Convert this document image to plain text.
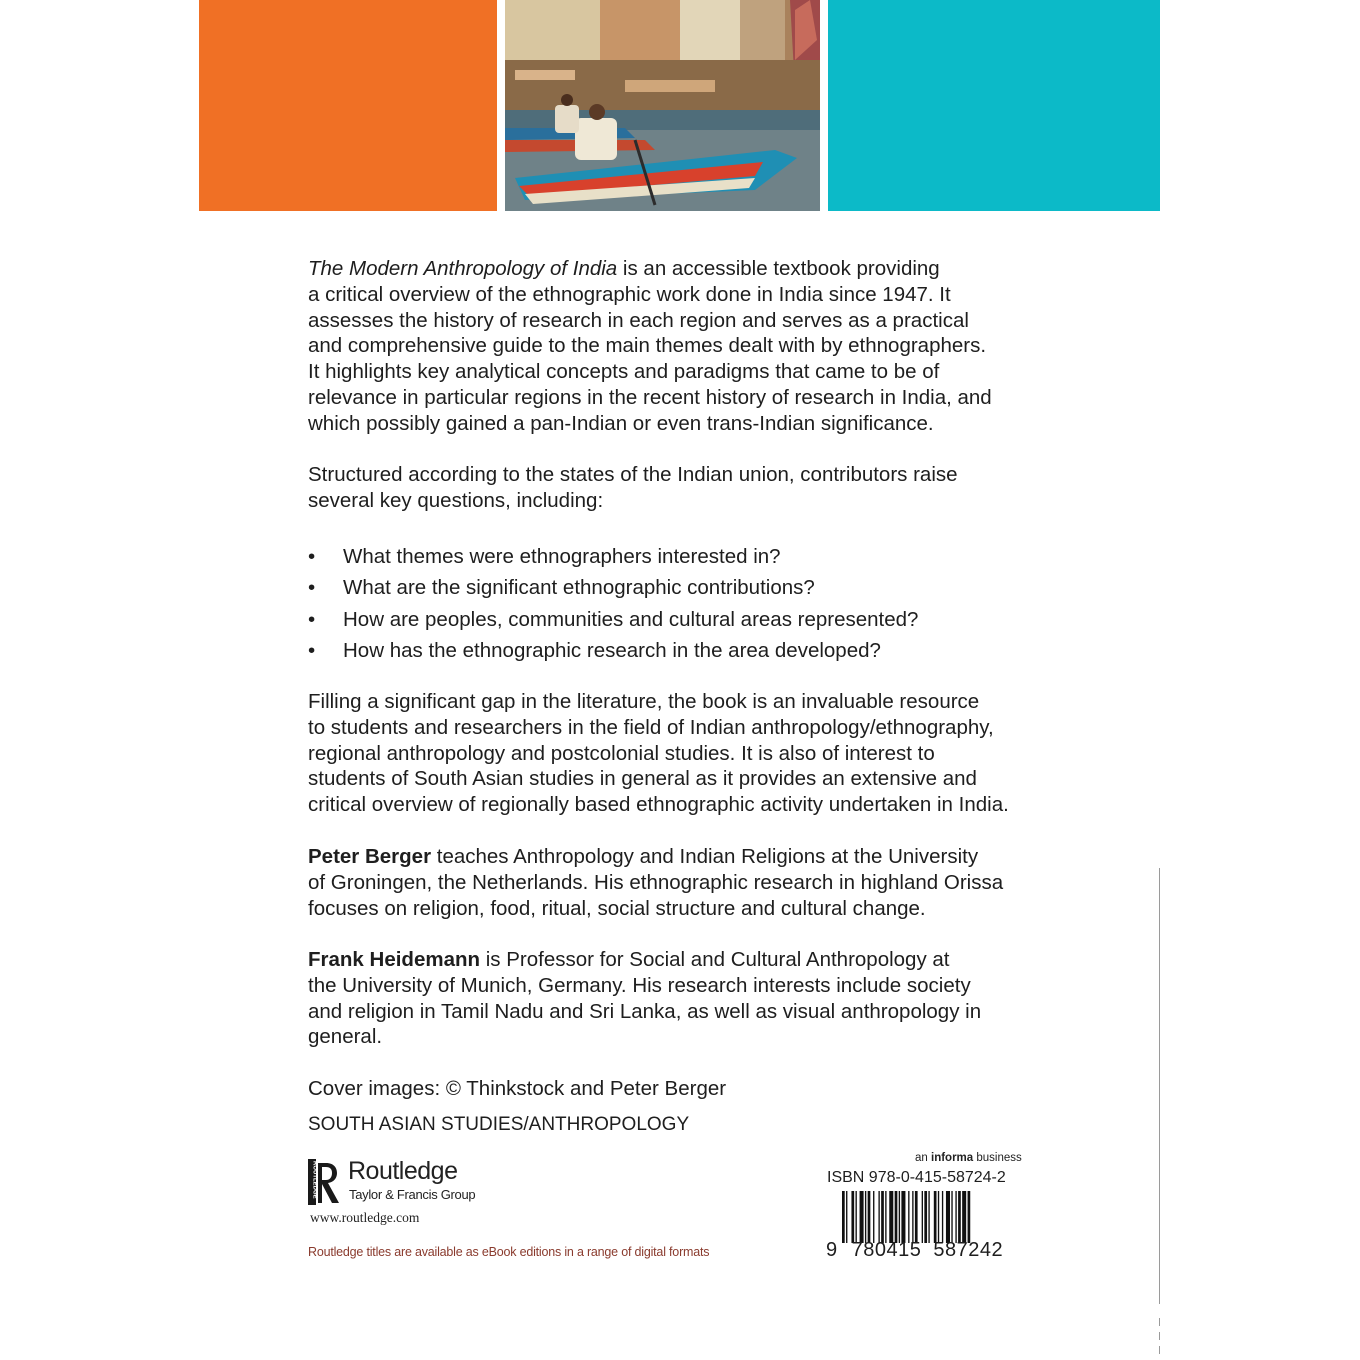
The Modern Anthropology of India is an accessible textbook providing
a critical overview of the ethnographic work done in India since 1947. It
assesses the history of research in each region and serves as a practical
and comprehensive guide to the main themes dealt with by ethnographers.
It highlights key analytical concepts and paradigms that came to be of
relevance in particular regions in the recent history of research in India, and
which possibly gained a pan-Indian or even trans-Indian significance.

Structured according to the states of the Indian union, contributors raise
several key questions, including:

• What themes were ethnographers interested in?
• What are the significant ethnographic contributions?
• How are peoples, communities and cultural areas represented?
• How has the ethnographic research in the area developed?

Filling a significant gap in the literature, the book is an invaluable resource
to students and researchers in the field of Indian anthropology/ethnography,
regional anthropology and postcolonial studies. It is also of interest to
students of South Asian studies in general as it provides an extensive and
critical overview of regionally based ethnographic activity undertaken in India.

Peter Berger teaches Anthropology and Indian Religions at the University
of Groningen, the Netherlands. His ethnographic research in highland Orissa
focuses on religion, food, ritual, social structure and cultural change.

Frank Heidemann is Professor for Social and Cultural Anthropology at
the University of Munich, Germany. His research interests include society
and religion in Tamil Nadu and Sri Lanka, as well as visual anthropology in
general.

Cover images: © Thinkstock and Peter Berger

SOUTH ASIAN STUDIES/ANTHROPOLOGY

ROUTLEDGE Routledge
Taylor & Francis Group
www.routledge.com
Routledge titles are available as eBook editions in a range of digital formats
an informa business
ISBN 978-0-415-58724-2
9 780415 587242
